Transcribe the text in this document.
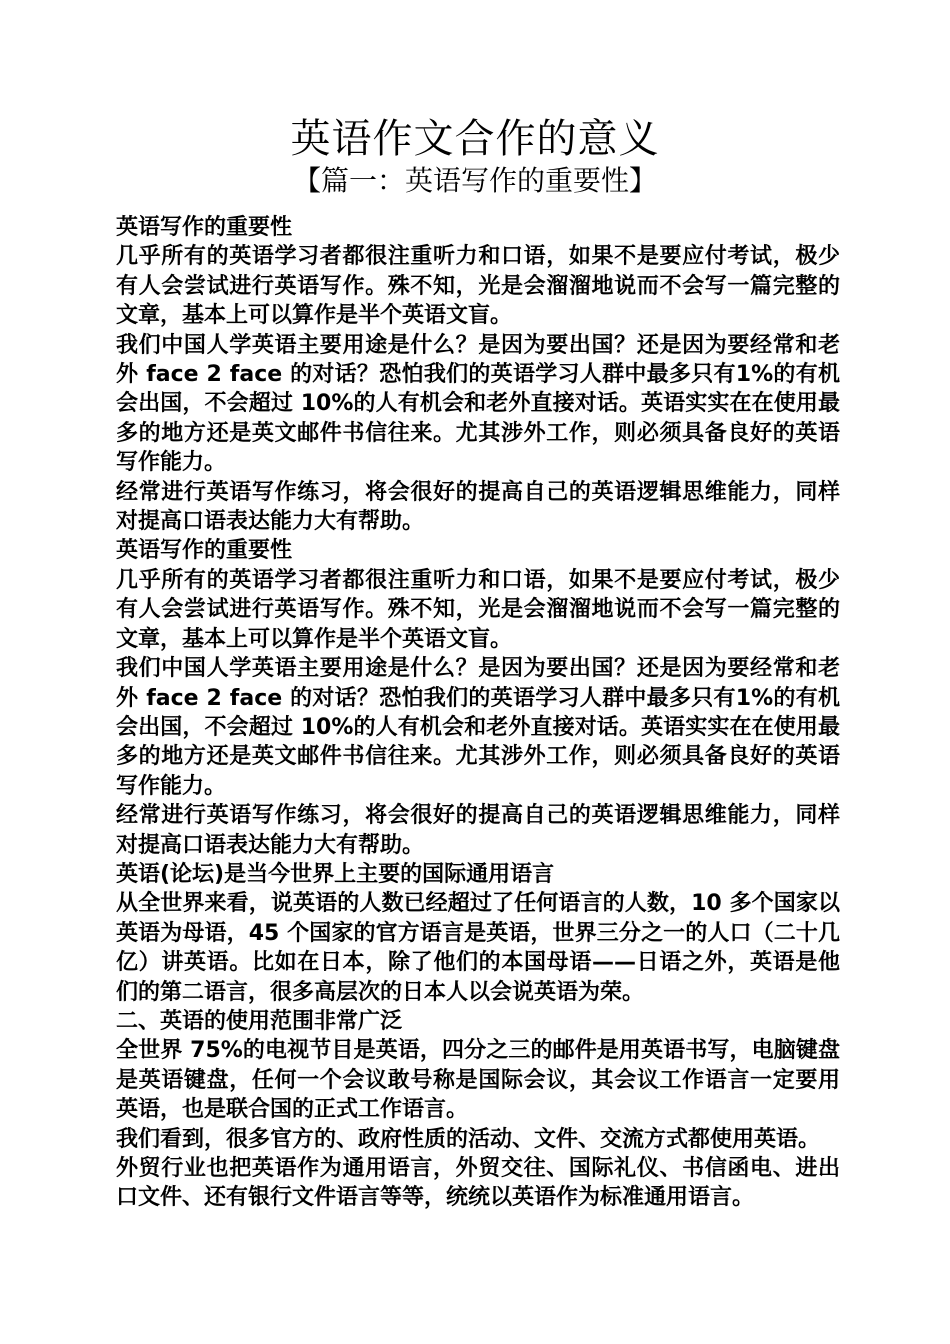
英语作文合作的意义
【篇一：英语写作的重要性】

英语写作的重要性

几乎所有的英语学习者都很注重听力和口语，如果不是要应付考试，极少有人会尝试进行英语写作。殊不知，光是会溜溜地说而不会写一篇完整的文章，基本上可以算作是半个英语文盲。

我们中国人学英语主要用途是什么？是因为要出国？还是因为要经常和老外 face 2 face 的对话？恐怕我们的英语学习人群中最多只有1%的有机会出国，不会超过 10%的人有机会和老外直接对话。英语实实在在使用最多的地方还是英文邮件书信往来。尤其涉外工作，则必须具备良好的英语写作能力。

经常进行英语写作练习，将会很好的提高自己的英语逻辑思维能力，同样对提高口语表达能力大有帮助。

英语写作的重要性

几乎所有的英语学习者都很注重听力和口语，如果不是要应付考试，极少有人会尝试进行英语写作。殊不知，光是会溜溜地说而不会写一篇完整的文章，基本上可以算作是半个英语文盲。

我们中国人学英语主要用途是什么？是因为要出国？还是因为要经常和老外 face 2 face 的对话？恐怕我们的英语学习人群中最多只有1%的有机会出国，不会超过 10%的人有机会和老外直接对话。英语实实在在使用最多的地方还是英文邮件书信往来。尤其涉外工作，则必须具备良好的英语写作能力。

经常进行英语写作练习，将会很好的提高自己的英语逻辑思维能力，同样对提高口语表达能力大有帮助。

英语(论坛)是当今世界上主要的国际通用语言

从全世界来看，说英语的人数已经超过了任何语言的人数，10 多个国家以英语为母语，45 个国家的官方语言是英语，世界三分之一的人口（二十几亿）讲英语。比如在日本，除了他们的本国母语——日语之外，英语是他们的第二语言，很多高层次的日本人以会说英语为荣。

二、英语的使用范围非常广泛

全世界 75%的电视节目是英语，四分之三的邮件是用英语书写，电脑键盘是英语键盘，任何一个会议敢号称是国际会议，其会议工作语言一定要用英语，也是联合国的正式工作语言。

我们看到，很多官方的、政府性质的活动、文件、交流方式都使用英语。

外贸行业也把英语作为通用语言，外贸交往、国际礼仪、书信函电、进出口文件、还有银行文件语言等等，统统以英语作为标准通用语言。
